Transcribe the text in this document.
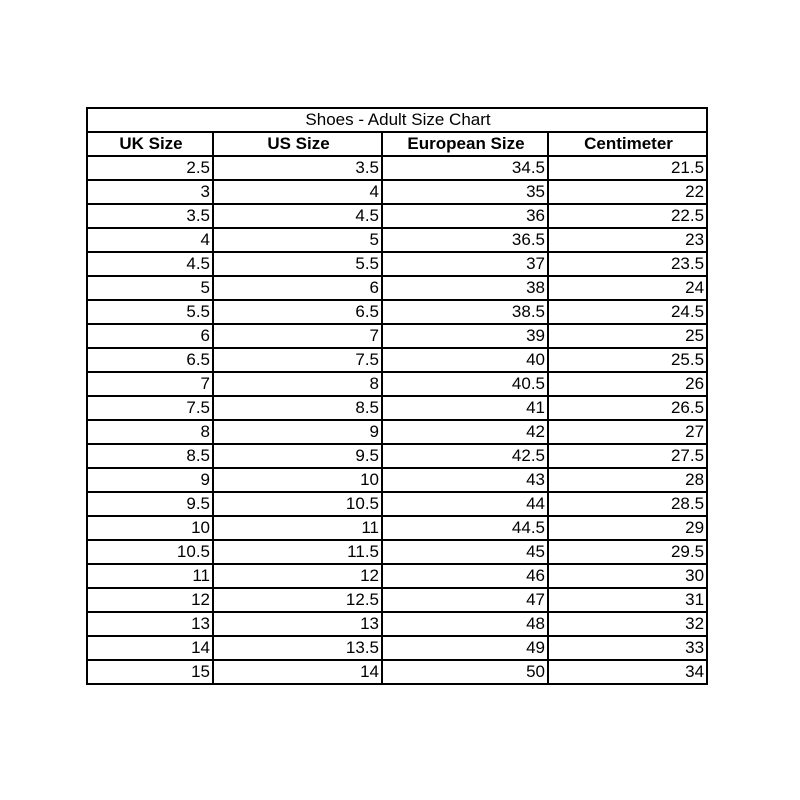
Shoes - Adult Size Chart			
UK Size	US Size	European Size	Centimeter
2.5	3.5	34.5	21.5
3	4	35	22
3.5	4.5	36	22.5
4	5	36.5	23
4.5	5.5	37	23.5
5	6	38	24
5.5	6.5	38.5	24.5
6	7	39	25
6.5	7.5	40	25.5
7	8	40.5	26
7.5	8.5	41	26.5
8	9	42	27
8.5	9.5	42.5	27.5
9	10	43	28
9.5	10.5	44	28.5
10	11	44.5	29
10.5	11.5	45	29.5
11	12	46	30
12	12.5	47	31
13	13	48	32
14	13.5	49	33
15	14	50	34
